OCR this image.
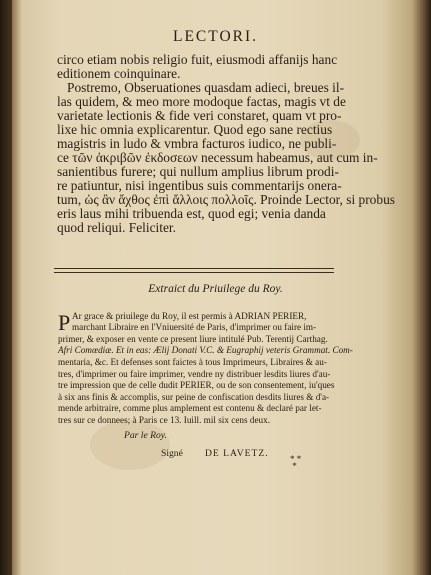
LECTORI.
circo etiam nobis religio fuit, eiusmodi affanijs hanc
editionem coinquinare.
Postremo, Obseruationes quasdam adieci, breues il-
las quidem, & meo more modoque factas, magis vt de
varietate lectionis & fide veri constaret, quam vt pro-
lixe hic omnia explicarentur. Quod ego sane rectius
magistris in ludo & vmbra facturos iudico, ne publi-
ce τῶν ἀκριβῶν ἐκδοσεων necessum habeamus, aut cum in-
sanientibus furere; qui nullum amplius librum prodi-
re patiuntur, nisi ingentibus suis commentarijs onera-
tum, ὡς ἂν ἄχθος ἐπὶ ἄλλοις πολλοῖς. Proinde Lector, si probus
eris laus mihi tribuenda est, quod egi; venia danda
quod reliqui. Feliciter.
Extraict du Priuilege du Roy.
P Ar grace & priuilege du Roy, il est permis à ADRIAN PERIER,
marchant Libraire en l'Vniuersité de Paris, d'imprimer ou faire im-
primer, & exposer en vente ce present liure intitulé Pub. Terentij Carthag.
Afri Comœdiæ. Et in eas: Ælij Donati V.C. & Eugraphij veteris Grammat. Com-
mentaria, &c. Et defenses sont faictes à tous Imprimeurs, Libraires & au-
tres, d'imprimer ou faire imprimer, vendre ny distribuer lesdits liures d'au-
tre impression que de celle dudit PERIER, ou de son consentement, iu'ques
à six ans finis & accomplis, sur peine de confiscation desdits liures & d'a-
mende arbitraire, comme plus amplement est contenu & declaré par let-
tres sur ce donnees; à Paris ce 13. Iuill. mil six cens deux.
Par le Roy.
Signé DE LAVETZ. * *
*
